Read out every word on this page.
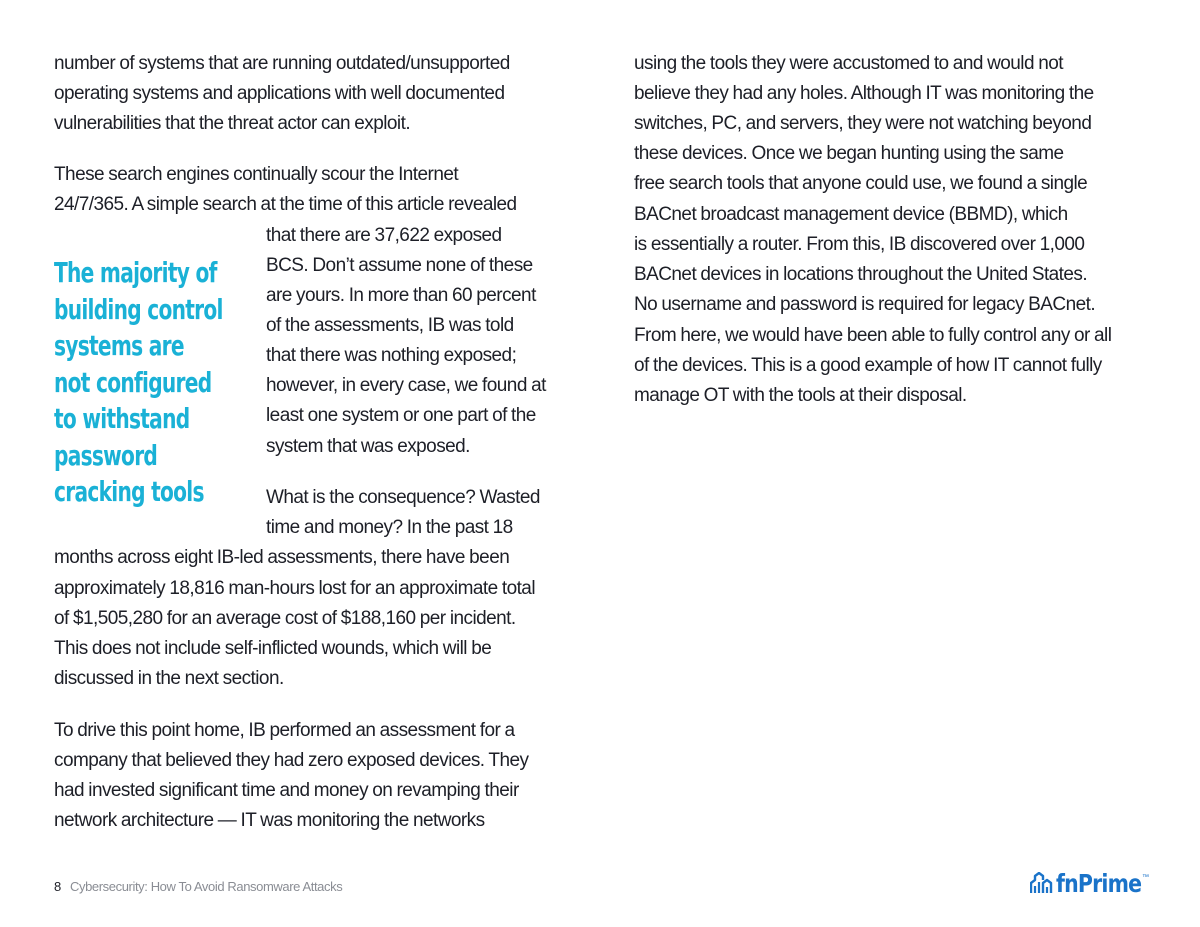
number of systems that are running outdated/unsupported
operating systems and applications with well documented
vulnerabilities that the threat actor can exploit.
These search engines continually scour the Internet
24/7/365. A simple search at the time of this article revealed
that there are 37,622 exposed
BCS. Don’t assume none of these
are yours. In more than 60 percent
of the assessments, IB was told
that there was nothing exposed;
however, in every case, we found at
least one system or one part of the
system that was exposed.
What is the consequence? Wasted
time and money? In the past 18
months across eight IB-led assessments, there have been
approximately 18,816 man-hours lost for an approximate total
of $1,505,280 for an average cost of $188,160 per incident.
This does not include self-inflicted wounds, which will be
discussed in the next section.
To drive this point home, IB performed an assessment for a
company that believed they had zero exposed devices. They
had invested significant time and money on revamping their
network architecture — IT was monitoring the networks
The majority of
building control
systems are
not configured
to withstand
password
cracking tools
using the tools they were accustomed to and would not
believe they had any holes. Although IT was monitoring the
switches, PC, and servers, they were not watching beyond
these devices. Once we began hunting using the same
free search tools that anyone could use, we found a single
BACnet broadcast management device (BBMD), which
is essentially a router. From this, IB discovered over 1,000
BACnet devices in locations throughout the United States.
No username and password is required for legacy BACnet.
From here, we would have been able to fully control any or all
of the devices. This is a good example of how IT cannot fully
manage OT with the tools at their disposal.
8 Cybersecurity: How To Avoid Ransomware Attacks	fnPrime ™
